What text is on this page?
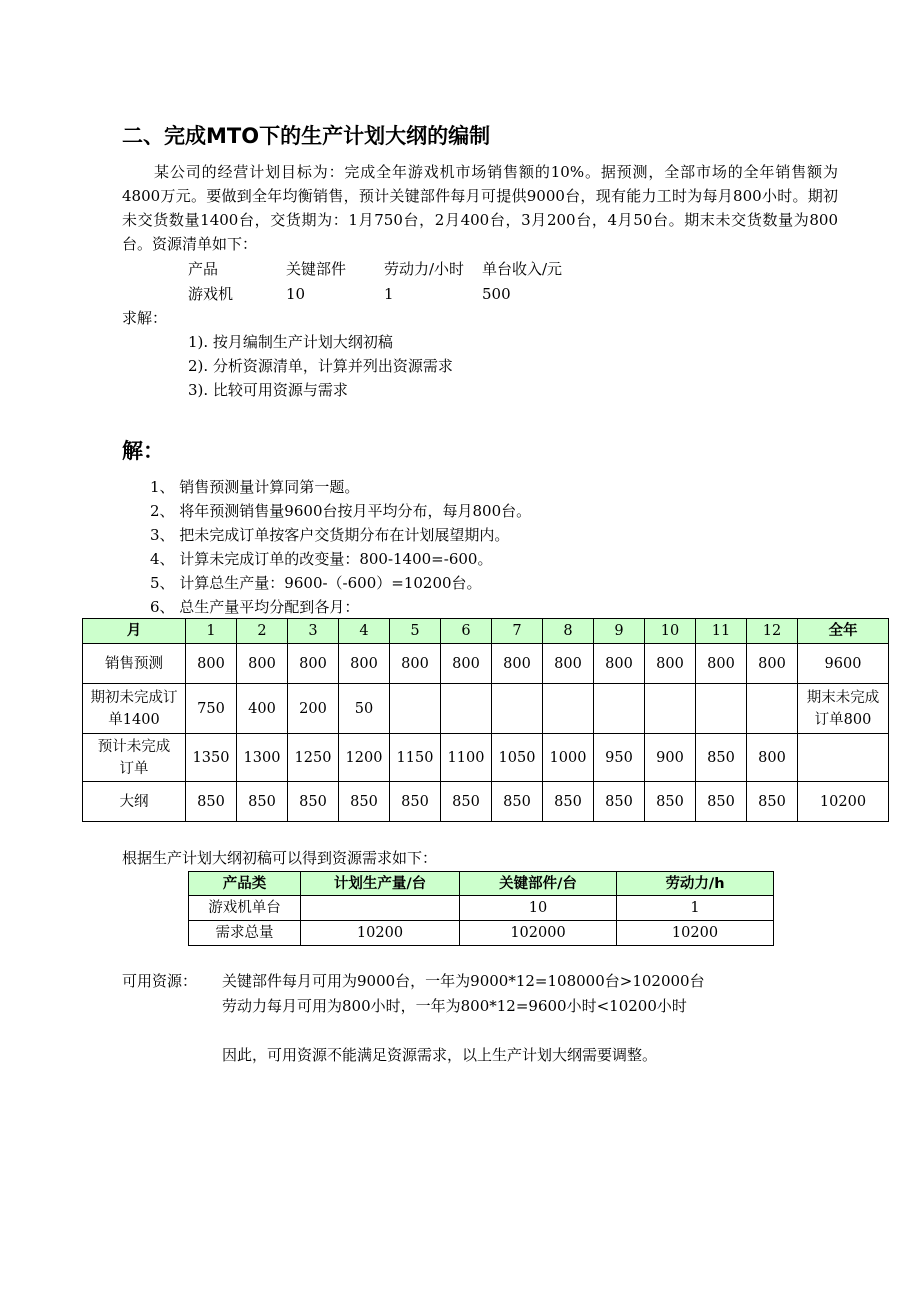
二、完成MTO下的生产计划大纲的编制
某公司的经营计划目标为：完成全年游戏机市场销售额的10%。据预测，全部市场的全年销售额为4800万元。要做到全年均衡销售，预计关键部件每月可提供9000台，现有能力工时为每月800小时。期初未交货数量1400台，交货期为：1月750台，2月400台，3月200台，4月50台。期末未交货数量为800台。资源清单如下：
产品	关键部件	劳动力/小时 单台收入/元
游戏机	10	1	500
求解：
1). 按月编制生产计划大纲初稿
2). 分析资源清单，计算并列出资源需求
3). 比较可用资源与需求
解：
1、 销售预测量计算同第一题。
2、 将年预测销售量9600台按月平均分布，每月800台。
3、 把未完成订单按客户交货期分布在计划展望期内。
4、 计算未完成订单的改变量：800-1400=-600。
5、 计算总生产量：9600-（-600）=10200台。
6、 总生产量平均分配到各月：
月	1	2	3	4	5	6	7	8	9	10	11	12	全年
销售预测	800	800	800	800	800	800	800	800	800	800	800	800	9600
期初未完成订单1400	750	400	200	50									期末未完成订单800
预计未完成订单	1350	1300	1250	1200	1150	1100	1050	1000	950	900	850	800	
大纲	850	850	850	850	850	850	850	850	850	850	850	850	10200
根据生产计划大纲初稿可以得到资源需求如下：
产品类	计划生产量/台	关键部件/台	劳动力/h
游戏机单台		10	1
需求总量	10200	102000	10200
可用资源： 关键部件每月可用为9000台，一年为9000*12=108000台>102000台
劳动力每月可用为800小时，一年为800*12=9600小时<10200小时
因此，可用资源不能满足资源需求，以上生产计划大纲需要调整。
